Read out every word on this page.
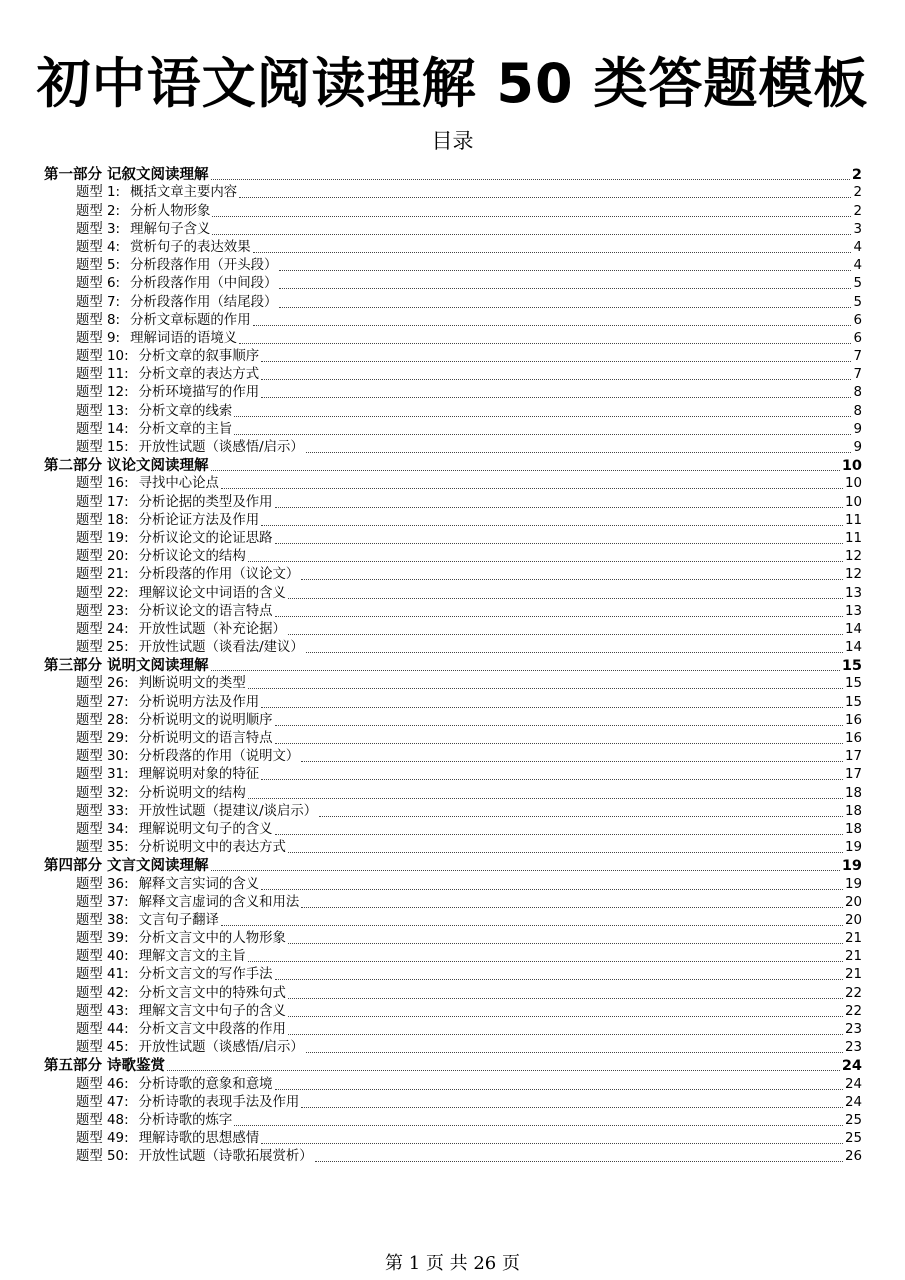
初中语文阅读理解 50 类答题模板
目录
第一部分 记叙文阅读理解	2
题型 1: 概括文章主要内容	2
题型 2: 分析人物形象	2
题型 3: 理解句子含义	3
题型 4: 赏析句子的表达效果	4
题型 5: 分析段落作用（开头段）	4
题型 6: 分析段落作用（中间段）	5
题型 7: 分析段落作用（结尾段）	5
题型 8: 分析文章标题的作用	6
题型 9: 理解词语的语境义	6
题型 10: 分析文章的叙事顺序	7
题型 11: 分析文章的表达方式	7
题型 12: 分析环境描写的作用	8
题型 13: 分析文章的线索	8
题型 14: 分析文章的主旨	9
题型 15: 开放性试题（谈感悟/启示）	9
第二部分 议论文阅读理解	10
题型 16: 寻找中心论点	10
题型 17: 分析论据的类型及作用	10
题型 18: 分析论证方法及作用	11
题型 19: 分析议论文的论证思路	11
题型 20: 分析议论文的结构	12
题型 21: 分析段落的作用（议论文）	12
题型 22: 理解议论文中词语的含义	13
题型 23: 分析议论文的语言特点	13
题型 24: 开放性试题（补充论据）	14
题型 25: 开放性试题（谈看法/建议）	14
第三部分 说明文阅读理解	15
题型 26: 判断说明文的类型	15
题型 27: 分析说明方法及作用	15
题型 28: 分析说明文的说明顺序	16
题型 29: 分析说明文的语言特点	16
题型 30: 分析段落的作用（说明文）	17
题型 31: 理解说明对象的特征	17
题型 32: 分析说明文的结构	18
题型 33: 开放性试题（提建议/谈启示）	18
题型 34: 理解说明文句子的含义	18
题型 35: 分析说明文中的表达方式	19
第四部分 文言文阅读理解	19
题型 36: 解释文言实词的含义	19
题型 37: 解释文言虚词的含义和用法	20
题型 38: 文言句子翻译	20
题型 39: 分析文言文中的人物形象	21
题型 40: 理解文言文的主旨	21
题型 41: 分析文言文的写作手法	21
题型 42: 分析文言文中的特殊句式	22
题型 43: 理解文言文中句子的含义	22
题型 44: 分析文言文中段落的作用	23
题型 45: 开放性试题（谈感悟/启示）	23
第五部分 诗歌鉴赏	24
题型 46: 分析诗歌的意象和意境	24
题型 47: 分析诗歌的表现手法及作用	24
题型 48: 分析诗歌的炼字	25
题型 49: 理解诗歌的思想感情	25
题型 50: 开放性试题（诗歌拓展赏析）	26
第 1 页 共 26 页
